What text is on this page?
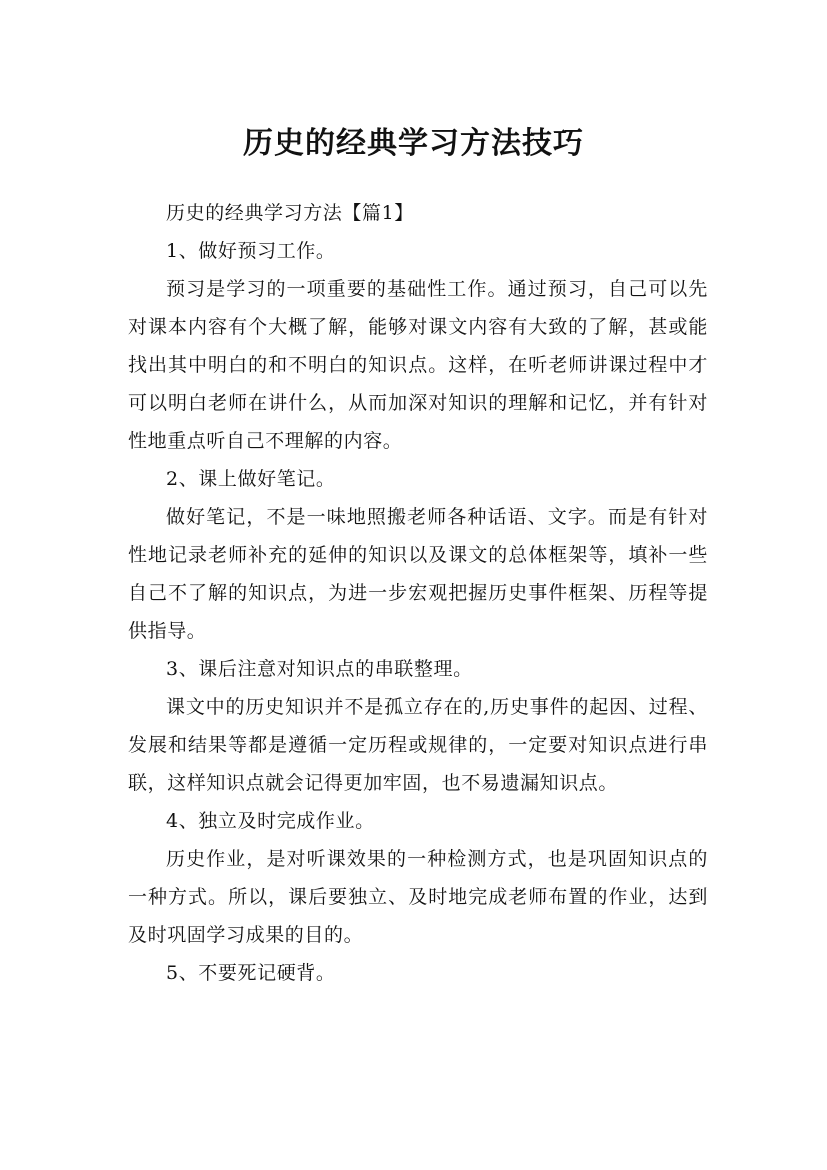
历史的经典学习方法技巧

历史的经典学习方法【篇1】

1、做好预习工作。

预习是学习的一项重要的基础性工作。通过预习，自己可以先对课本内容有个大概了解，能够对课文内容有大致的了解，甚或能找出其中明白的和不明白的知识点。这样，在听老师讲课过程中才可以明白老师在讲什么，从而加深对知识的理解和记忆，并有针对性地重点听自己不理解的内容。

2、课上做好笔记。

做好笔记，不是一味地照搬老师各种话语、文字。而是有针对性地记录老师补充的延伸的知识以及课文的总体框架等，填补一些自己不了解的知识点，为进一步宏观把握历史事件框架、历程等提供指导。

3、课后注意对知识点的串联整理。

课文中的历史知识并不是孤立存在的,历史事件的起因、过程、发展和结果等都是遵循一定历程或规律的，一定要对知识点进行串联，这样知识点就会记得更加牢固，也不易遗漏知识点。

4、独立及时完成作业。

历史作业，是对听课效果的一种检测方式，也是巩固知识点的一种方式。所以，课后要独立、及时地完成老师布置的作业，达到及时巩固学习成果的目的。

5、不要死记硬背。
